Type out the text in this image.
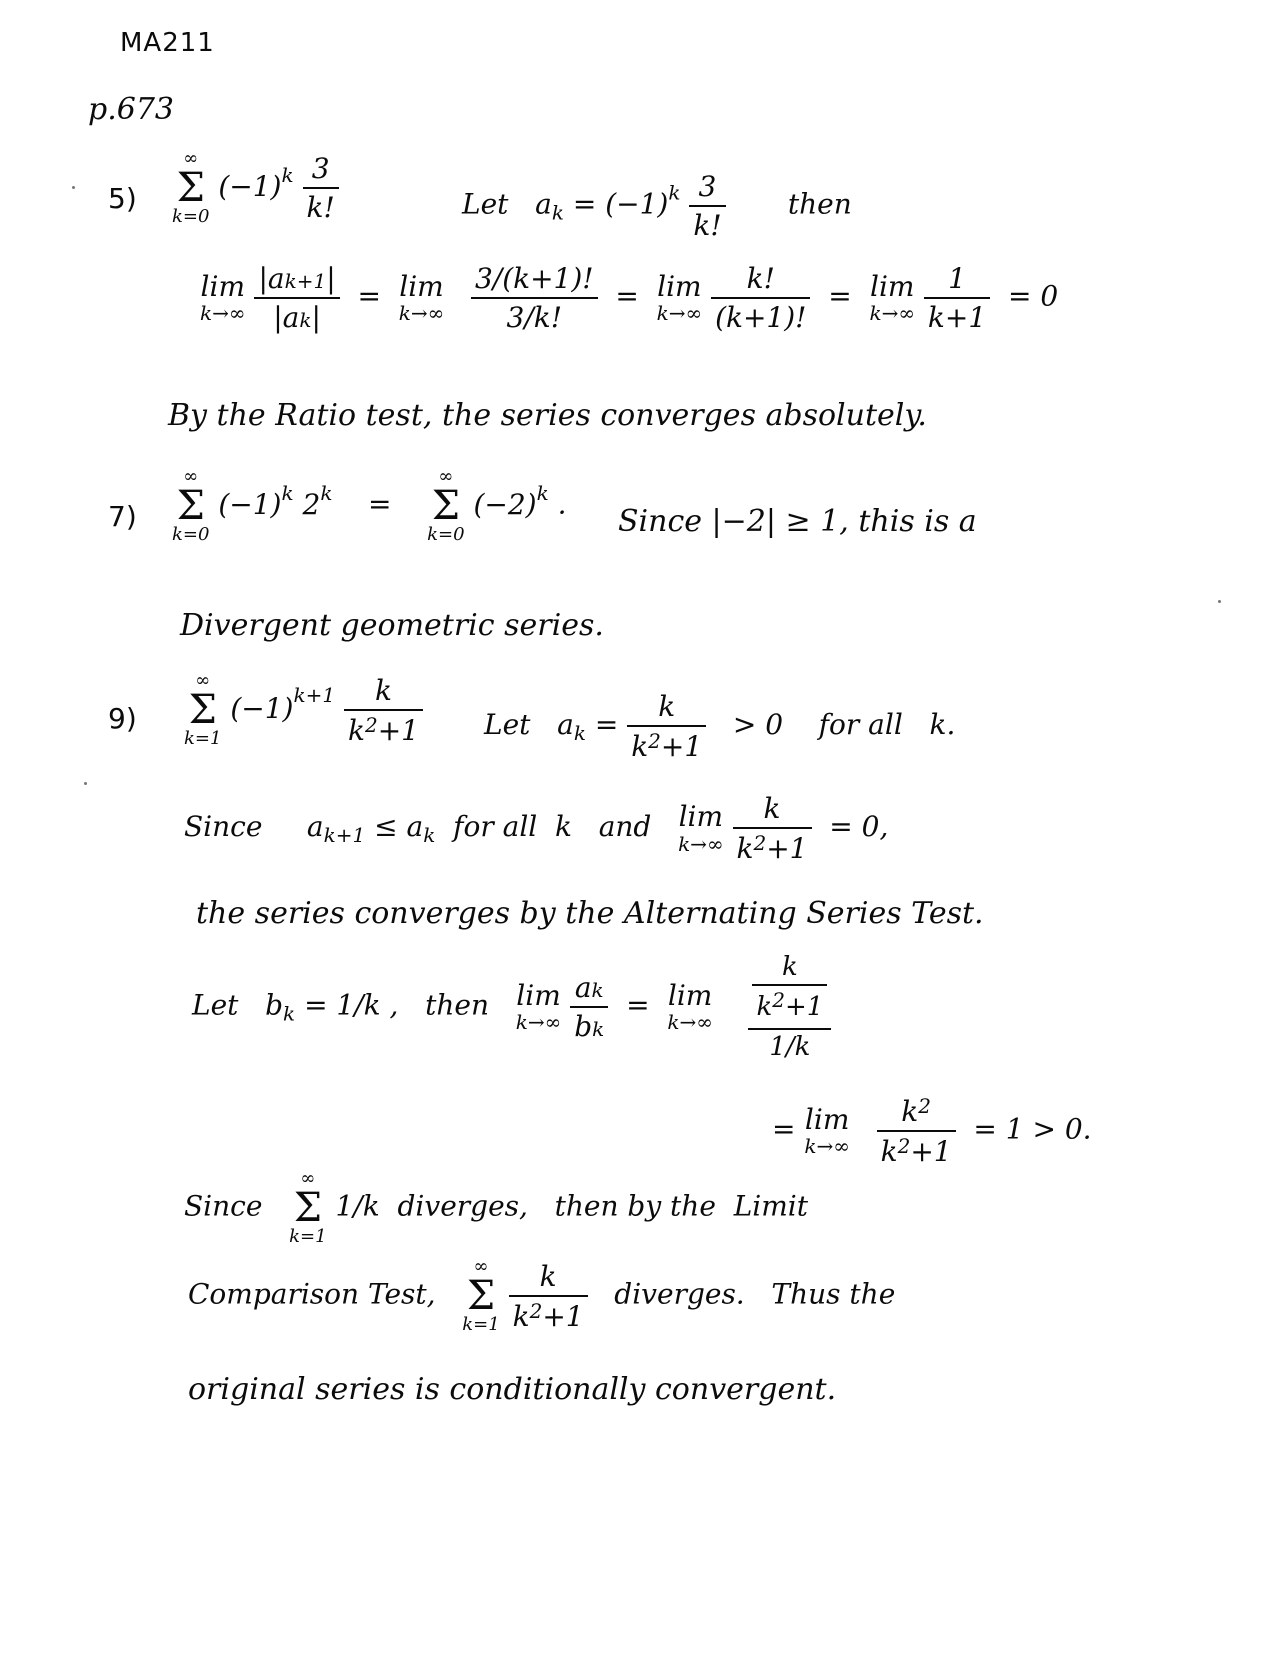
MA211
p.673
5)
∞
Σ
k=0
$(-1)^k \frac{3}{k!}$	Let   $a_k = (-1)^k \frac{3}{k!}$ then
lim
k→∞
$\frac{|ak+1|}{|ak|} = \lim$
k→∞
$\frac{3/(k+1)!}{3/k!} = \lim$
k→∞
$\frac{k!}{(k+1)!} = \lim$
k→∞
$\frac{1}{k+1} = 0$
By the Ratio test, the series converges absolutely.
7)
∞
Σ
k=0
$(-1)^k$ 2$^k$    =
∞
Σ
k=0
$(-2)^k$ . Since |−2| ≥ 1, this is a
Divergent geometric series.
9)
∞
Σ
k=1
$(-1)^{k+1} \frac{k}{k^2+1}$ Let   $a_k = \frac{k}{k^2+1} > 0$    for all   k.
Since     $a_{k+1} \le a_k$  for all  k   and lim
k→∞
$\frac{k}{k^2+1} = 0$,
the series converges by the Alternating Series Test.
Let   $b_k = 1/k$ ,   then lim
k→∞
$\frac{ak}{bk} = \lim$
k→∞
$\frac{\frac{k}{k^2+1}}{1/k}$
= lim
k→∞
$\frac{k^2}{k^2+1} = 1 > 0$.
Since
∞
Σ
k=1
1/k  diverges,   then by the  Limit
Comparison Test,
∞
Σ
k=1
$\frac{k}{k^2+1}$ diverges.   Thus the
original series is conditionally convergent.
